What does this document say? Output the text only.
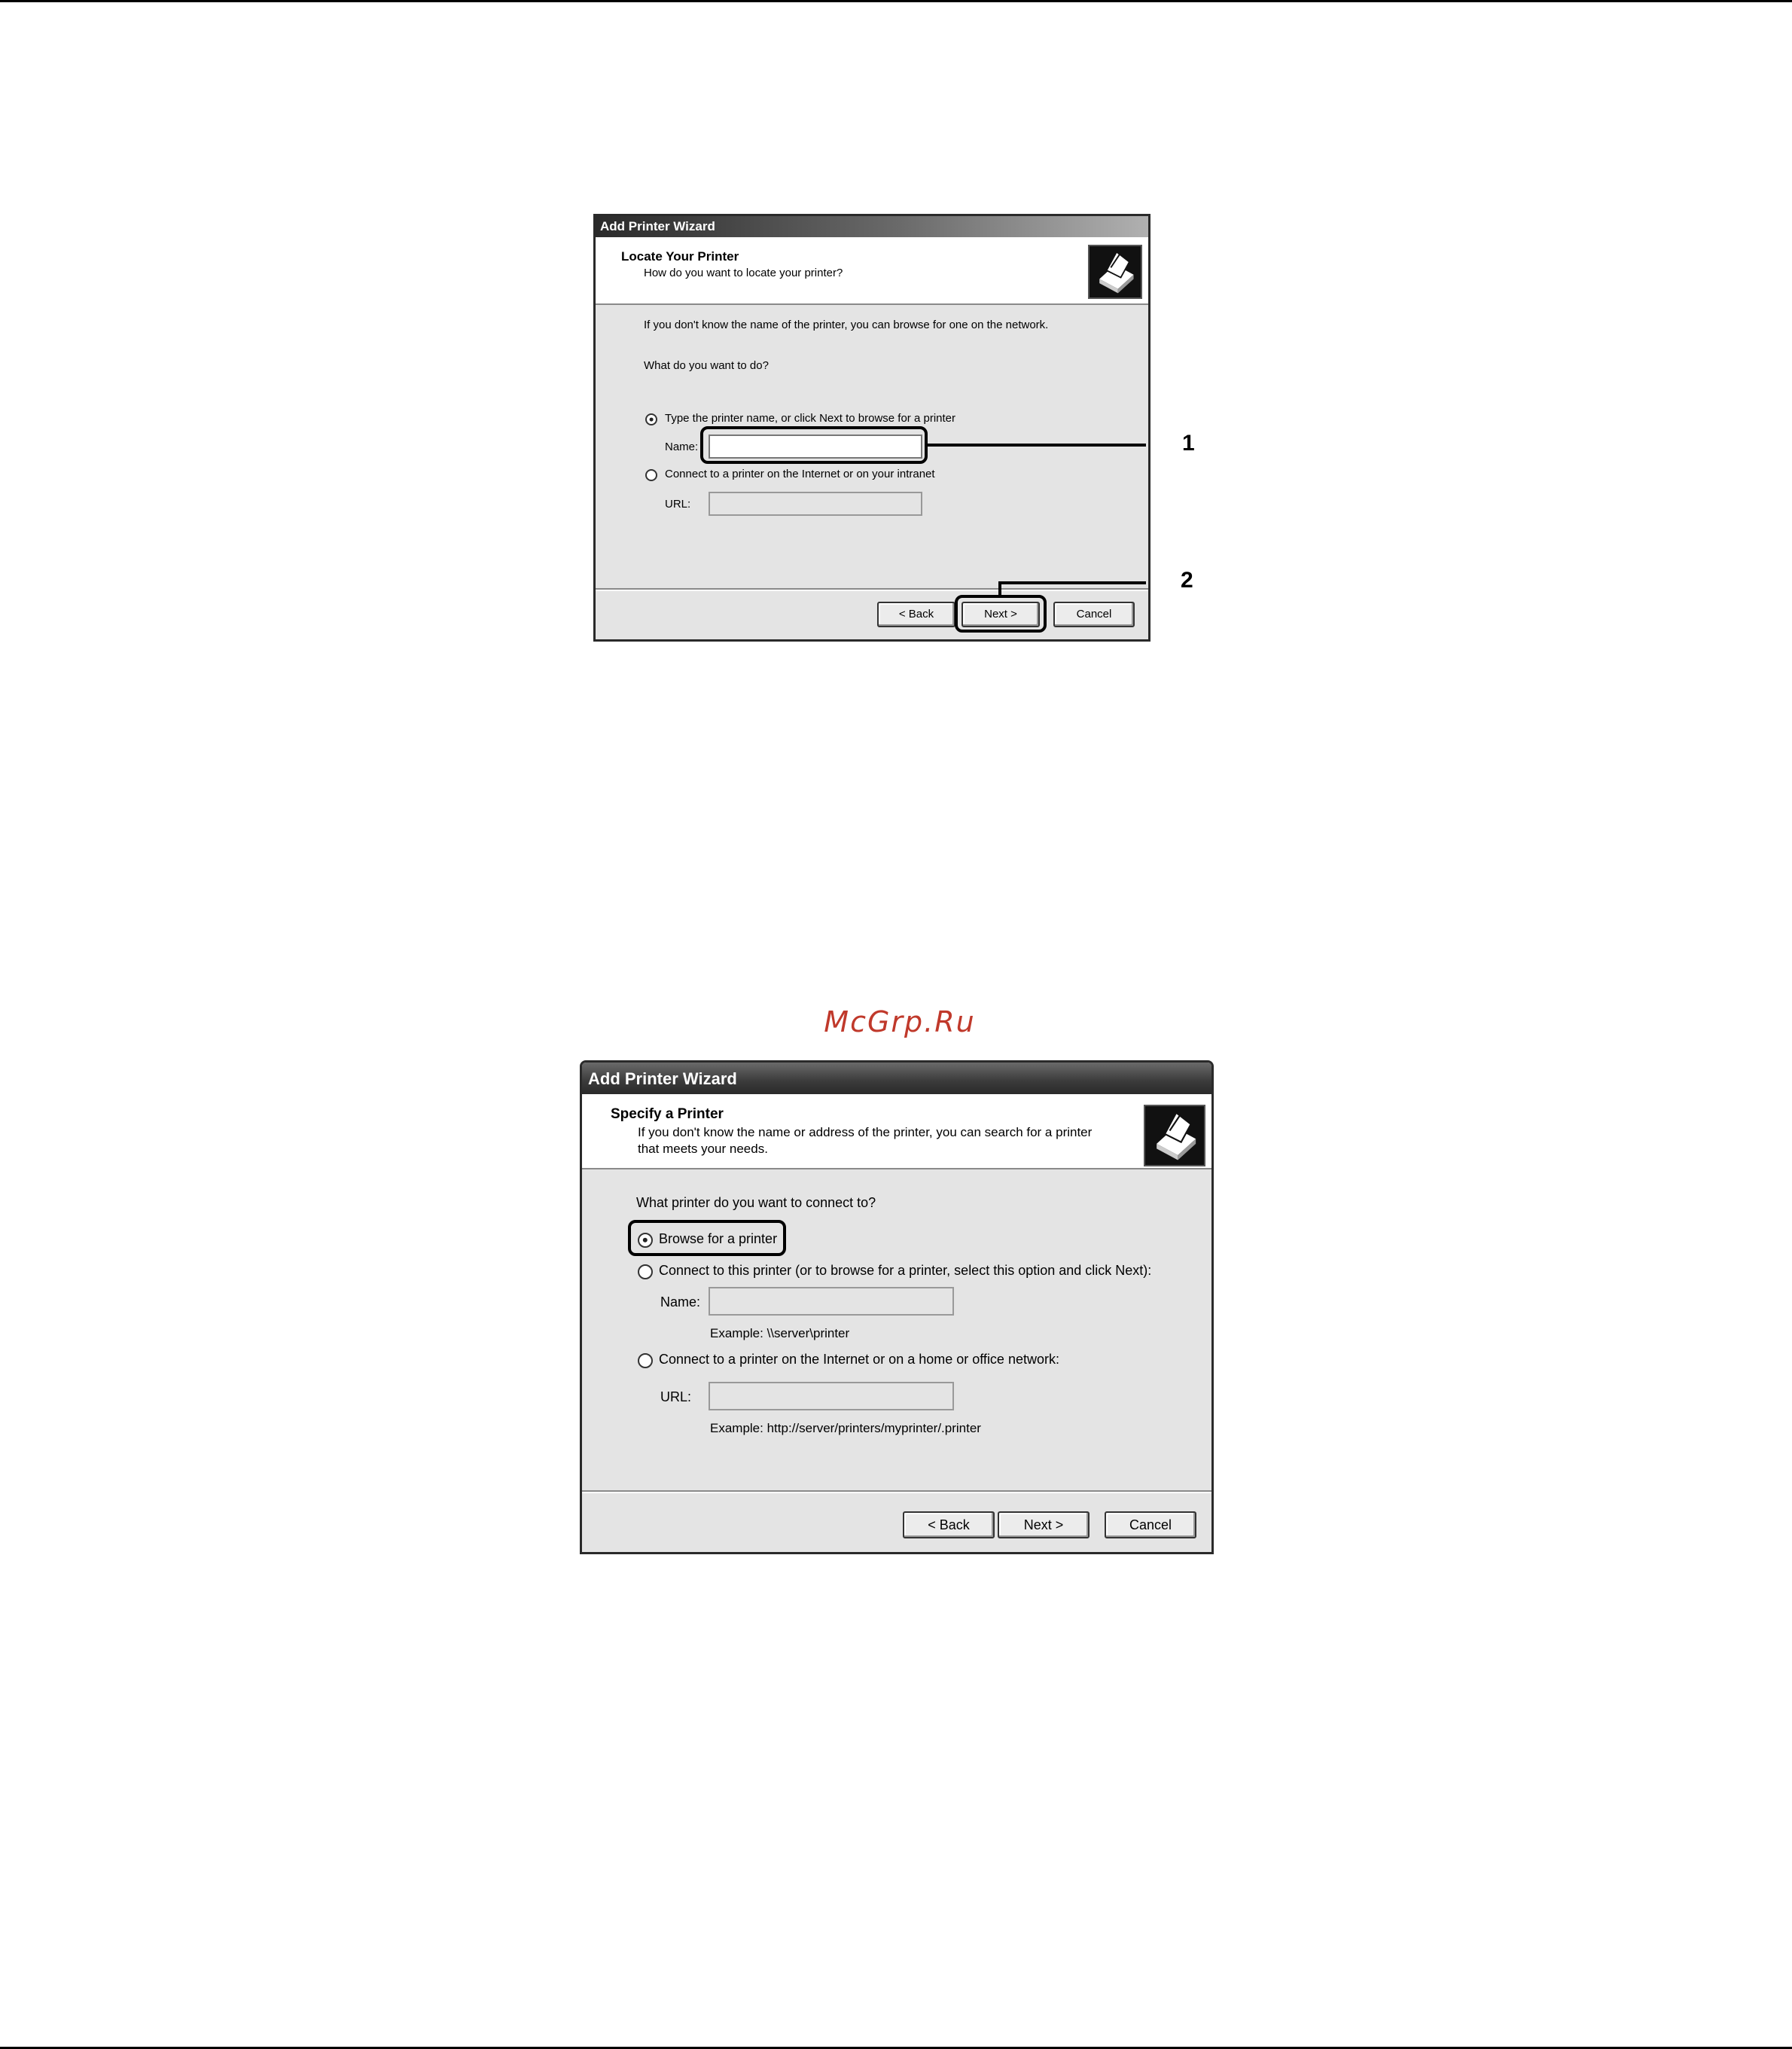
Add Printer Wizard
Locate Your Printer
How do you want to locate your printer?
If you don't know the name of the printer, you can browse for one on the network.
What do you want to do?
Type the printer name, or click Next to browse for a printer
Name:
Connect to a printer on the Internet or on your intranet
URL:
< Back	Next >	Cancel
1
2
McGrp.Ru
Add Printer Wizard
Specify a Printer
If you don't know the name or address of the printer, you can search for a printer
that meets your needs.
What printer do you want to connect to?
Browse for a printer
Connect to this printer (or to browse for a printer, select this option and click Next):
Name:
Example: \\server\printer
Connect to a printer on the Internet or on a home or office network:
URL:
Example: http://server/printers/myprinter/.printer
< Back	Next >	Cancel
